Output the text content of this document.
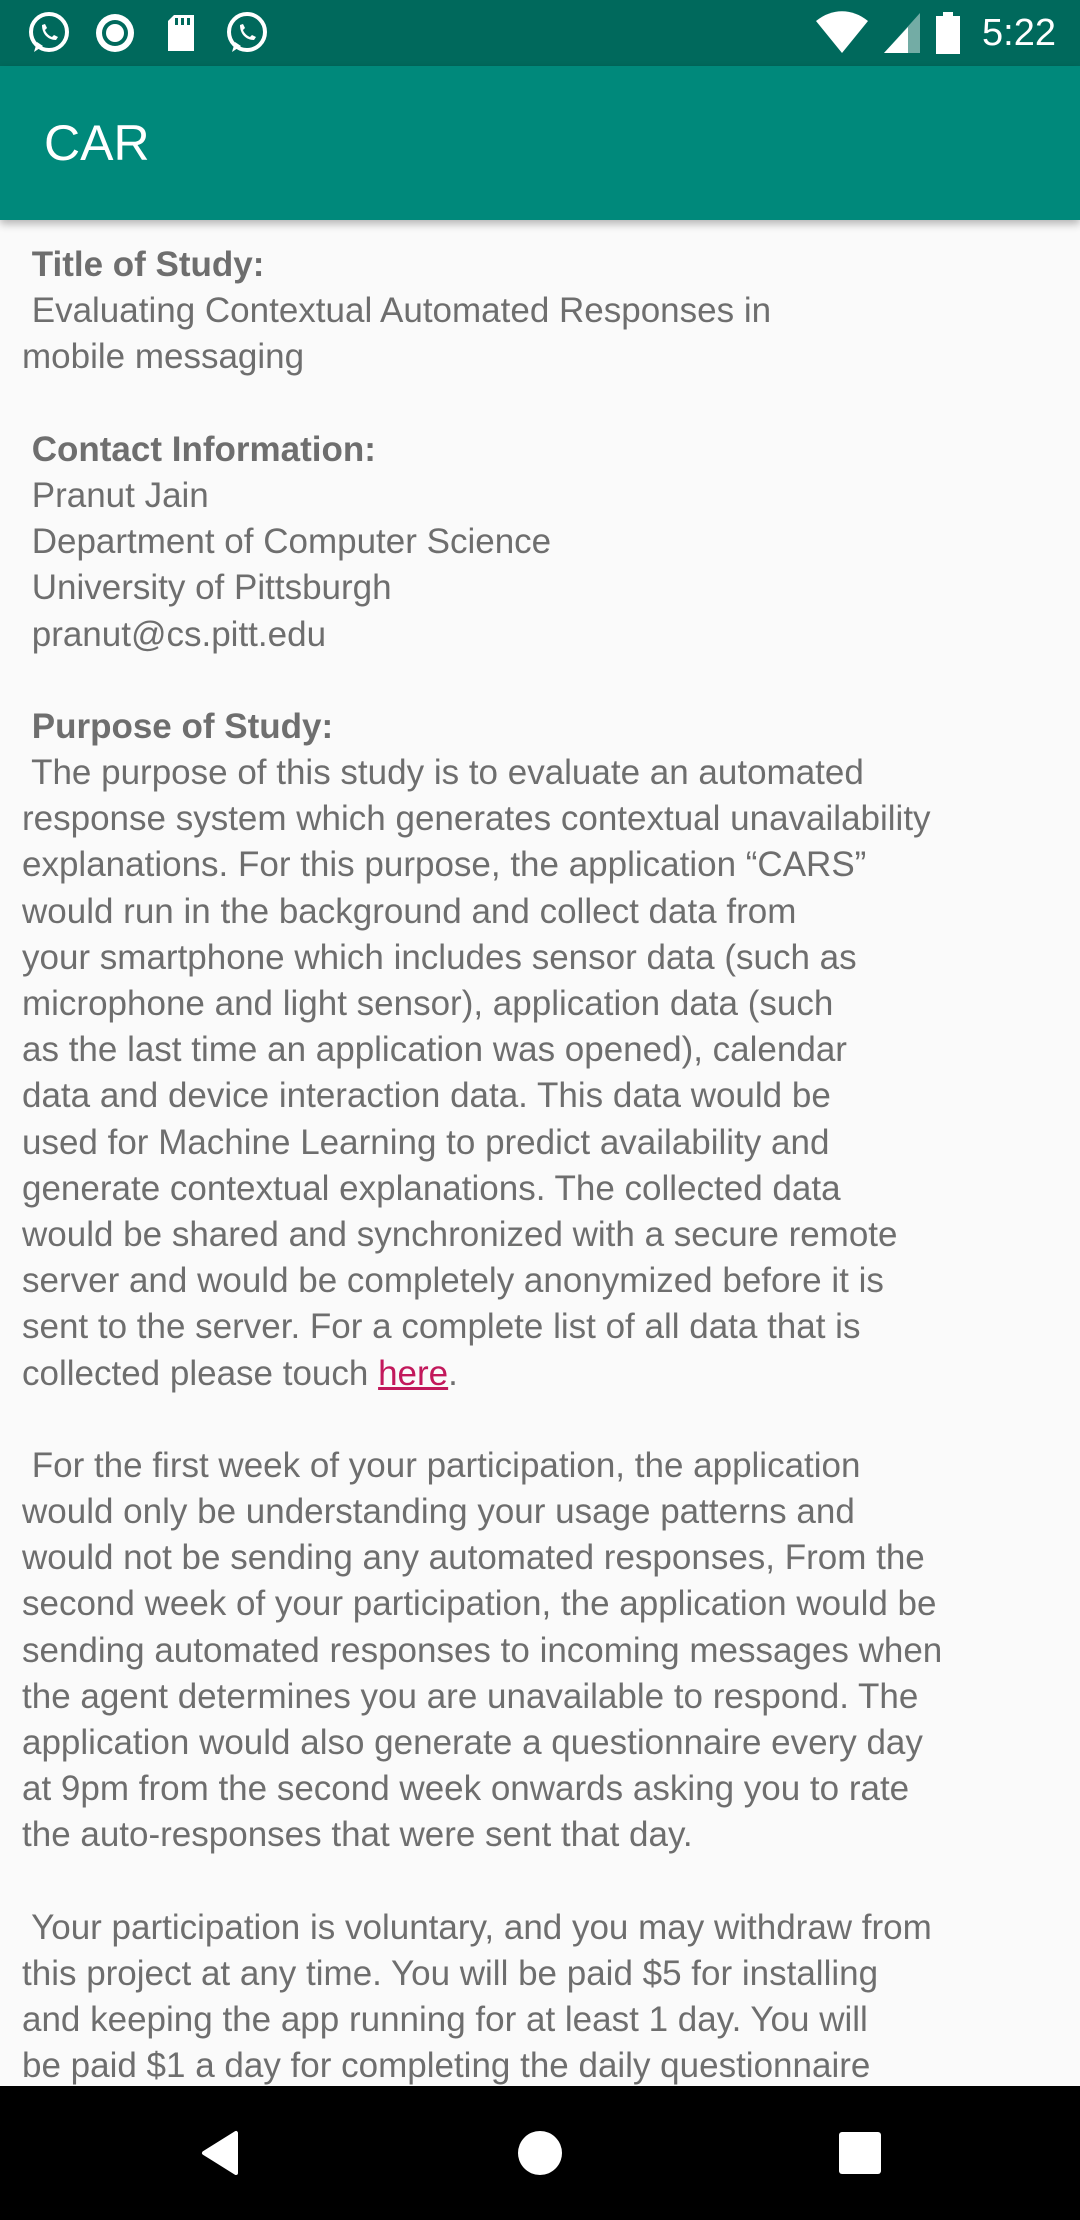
5:22
CAR
Title of Study:
Evaluating Contextual Automated Responses in
mobile messaging
Contact Information:
Pranut Jain
Department of Computer Science
University of Pittsburgh
pranut@cs.pitt.edu
Purpose of Study:
The purpose of this study is to evaluate an automated
response system which generates contextual unavailability
explanations. For this purpose, the application “CARS”
would run in the background and collect data from
your smartphone which includes sensor data (such as
microphone and light sensor), application data (such
as the last time an application was opened), calendar
data and device interaction data. This data would be
used for Machine Learning to predict availability and
generate contextual explanations. The collected data
would be shared and synchronized with a secure remote
server and would be completely anonymized before it is
sent to the server. For a complete list of all data that is
collected please touch here.
For the first week of your participation, the application
would only be understanding your usage patterns and
would not be sending any automated responses, From the
second week of your participation, the application would be
sending automated responses to incoming messages when
the agent determines you are unavailable to respond. The
application would also generate a questionnaire every day
at 9pm from the second week onwards asking you to rate
the auto-responses that were sent that day.
Your participation is voluntary, and you may withdraw from
this project at any time. You will be paid $5 for installing
and keeping the app running for at least 1 day. You will
be paid $1 a day for completing the daily questionnaire
